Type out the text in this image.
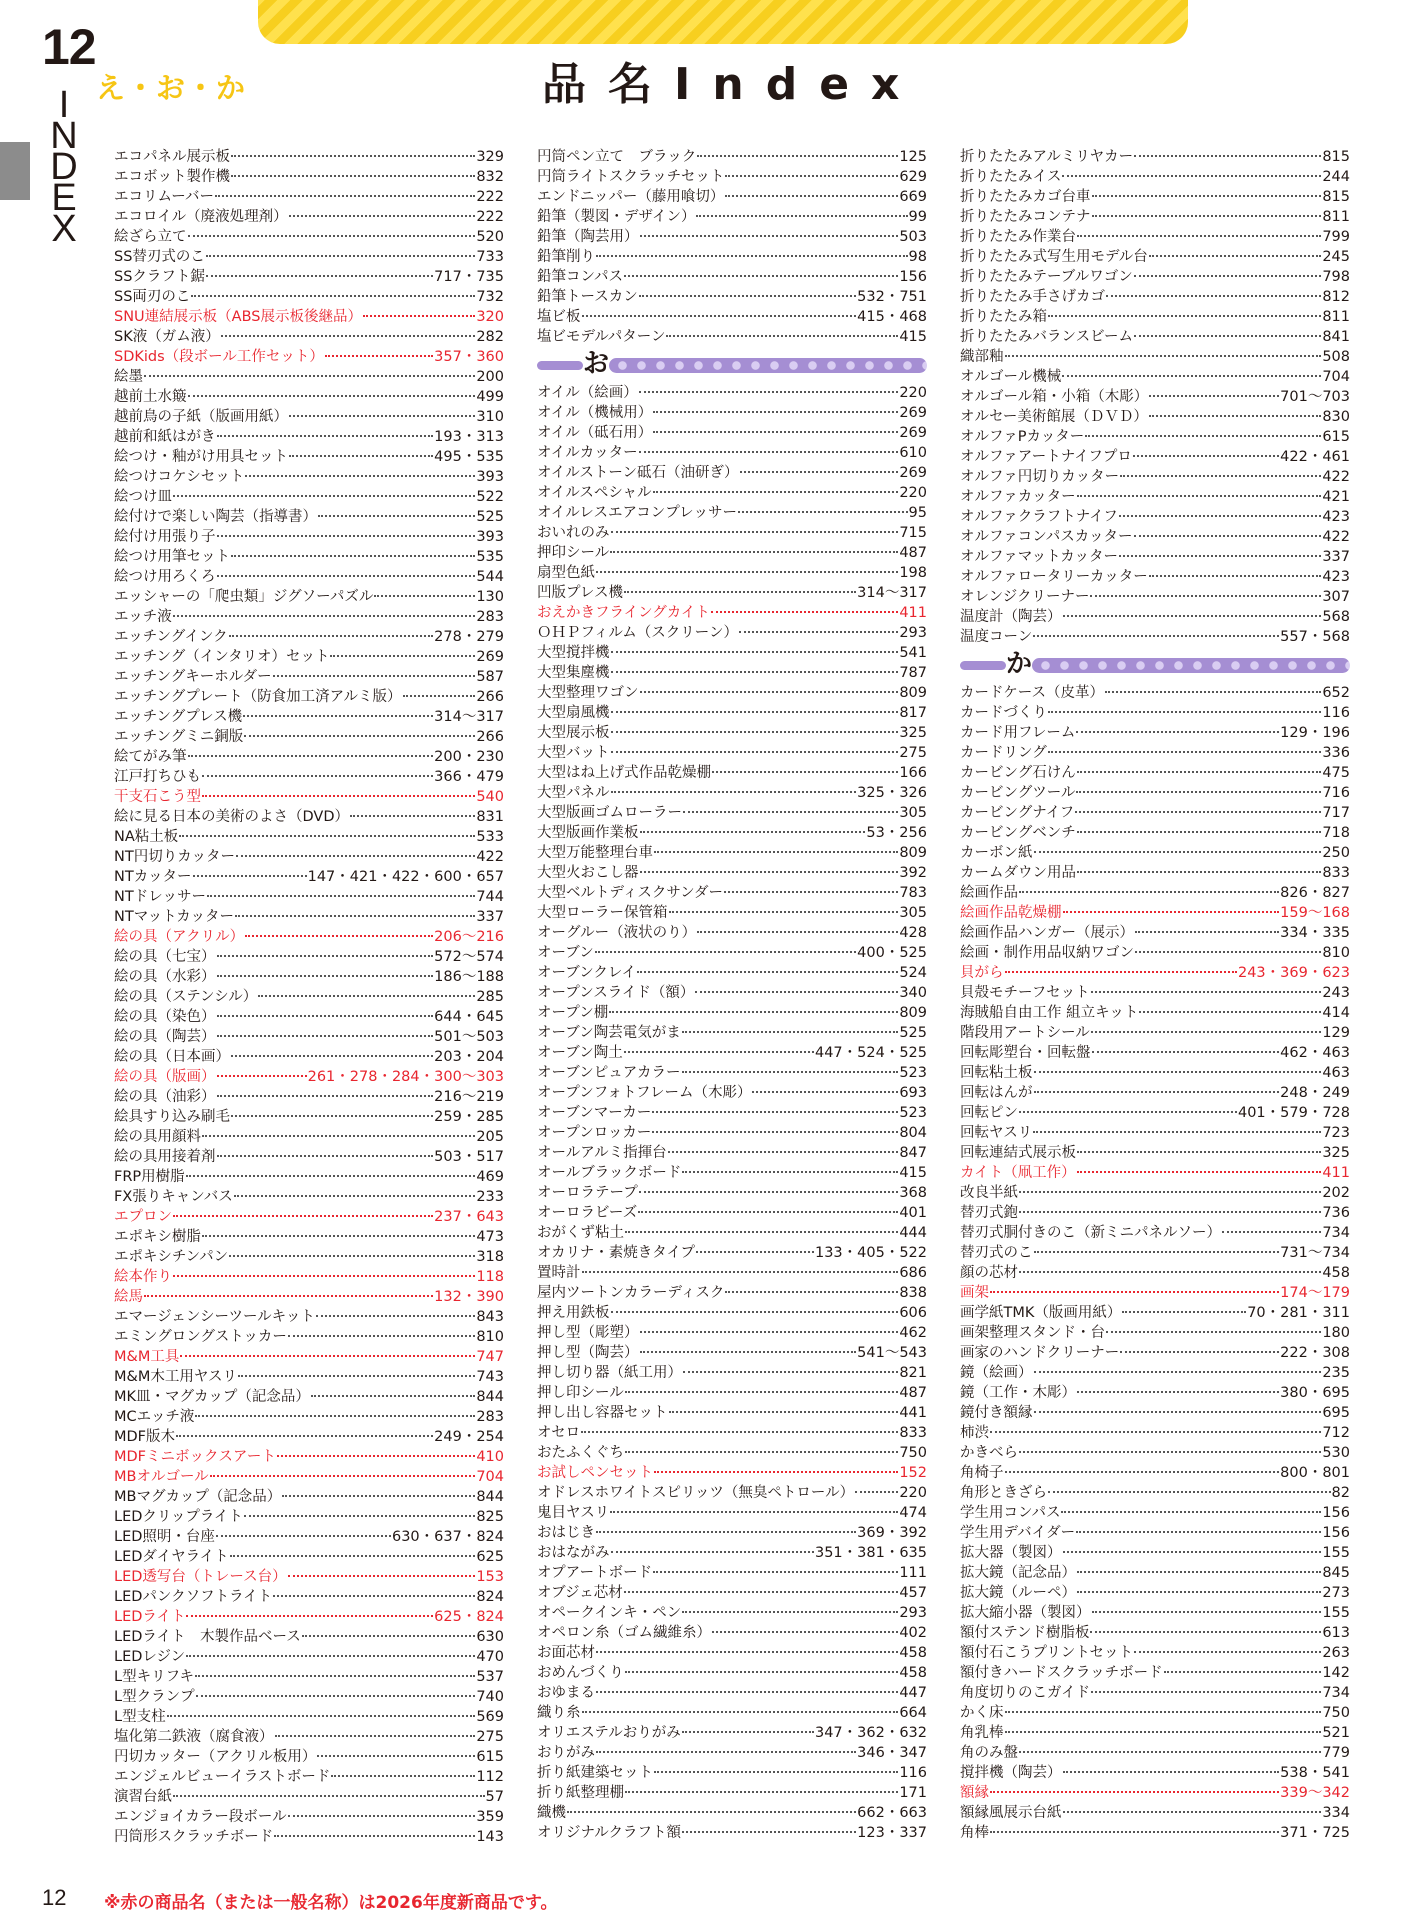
12
え・お・か
I
N
D
E
X
品名Index
エコパネル展示板	329
エコボット製作機	832
エコリムーバー	222
エコロイル（廃液処理剤）	222
絵ざら立て	520
SS替刃式のこ	733
SSクラフト鋸	717・735
SS両刃のこ	732
SNU連結展示板（ABS展示板後継品）	320
SK液（ガム液）	282
SDKids（段ボール工作セット）	357・360
絵墨	200
越前土水簸	499
越前鳥の子紙（版画用紙）	310
越前和紙はがき	193・313
絵つけ・釉がけ用具セット	495・535
絵つけコケシセット	393
絵つけ皿	522
絵付けで楽しい陶芸（指導書）	525
絵付け用張り子	393
絵つけ用筆セット	535
絵つけ用ろくろ	544
エッシャーの「爬虫類」ジグソーパズル	130
エッチ液	283
エッチングインク	278・279
エッチング（インタリオ）セット	269
エッチングキーホルダー	587
エッチングプレート（防食加工済アルミ版）	266
エッチングプレス機	314〜317
エッチングミニ銅版	266
絵てがみ筆	200・230
江戸打ちひも	366・479
干支石こう型	540
絵に見る日本の美術のよさ（DVD）	831
NA粘土板	533
NT円切りカッター	422
NTカッター	147・421・422・600・657
NTドレッサー	744
NTマットカッター	337
絵の具（アクリル）	206〜216
絵の具（七宝）	572〜574
絵の具（水彩）	186〜188
絵の具（ステンシル）	285
絵の具（染色）	644・645
絵の具（陶芸）	501〜503
絵の具（日本画）	203・204
絵の具（版画）	261・278・284・300〜303
絵の具（油彩）	216〜219
絵具すり込み刷毛	259・285
絵の具用顔料	205
絵の具用接着剤	503・517
FRP用樹脂	469
FX張りキャンバス	233
エプロン	237・643
エポキシ樹脂	473
エポキシチンパン	318
絵本作り	118
絵馬	132・390
エマージェンシーツールキット	843
エミングロングストッカー	810
M&M工具	747
M&M木工用ヤスリ	743
MK皿・マグカップ（記念品）	844
MCエッチ液	283
MDF版木	249・254
MDFミニボックスアート	410
MBオルゴール	704
MBマグカップ（記念品）	844
LEDクリップライト	825
LED照明・台座	630・637・824
LEDダイヤライト	625
LED透写台（トレース台）	153
LEDパンクソフトライト	824
LEDライト	625・824
LEDライト　木製作品ベース	630
LEDレジン	470
L型キリフキ	537
L型クランプ	740
L型支柱	569
塩化第二鉄液（腐食液）	275
円切カッター（アクリル板用）	615
エンジェルビューイラストボード	112
演習台紙	57
エンジョイカラー段ボール	359
円筒形スクラッチボード	143
円筒ペン立て　ブラック	125
円筒ライトスクラッチセット	629
エンドニッパー（藤用喰切）	669
鉛筆（製図・デザイン）	99
鉛筆（陶芸用）	503
鉛筆削り	98
鉛筆コンパス	156
鉛筆トースカン	532・751
塩ビ板	415・468
塩ビモデルパターン	415
お
オイル（絵画）	220
オイル（機械用）	269
オイル（砥石用）	269
オイルカッター	610
オイルストーン砥石（油研ぎ）	269
オイルスペシャル	220
オイルレスエアコンプレッサー	95
おいれのみ	715
押印シール	487
扇型色紙	198
凹版プレス機	314〜317
おえかきフライングカイト	411
ＯＨＰフィルム（スクリーン）	293
大型撹拌機	541
大型集塵機	787
大型整理ワゴン	809
大型扇風機	817
大型展示板	325
大型バット	275
大型はね上げ式作品乾燥棚	166
大型パネル	325・326
大型版画ゴムローラー	305
大型版画作業板	53・256
大型万能整理台車	809
大型火おこし器	392
大型ベルトディスクサンダー	783
大型ローラー保管箱	305
オーグルー（液状のり）	428
オーブン	400・525
オーブンクレイ	524
オープンスライド（額）	340
オープン棚	809
オーブン陶芸電気がま	525
オーブン陶土	447・524・525
オーブンピュアカラー	523
オープンフォトフレーム（木彫）	693
オーブンマーカー	523
オープンロッカー	804
オールアルミ指揮台	847
オールブラックボード	415
オーロラテープ	368
オーロラビーズ	401
おがくず粘土	444
オカリナ・素焼きタイプ	133・405・522
置時計	686
屋内ツートンカラーディスク	838
押え用鉄板	606
押し型（彫塑）	462
押し型（陶芸）	541〜543
押し切り器（紙工用）	821
押し印シール	487
押し出し容器セット	441
オセロ	833
おたふくぐち	750
お試しペンセット	152
オドレスホワイトスピリッツ（無臭ペトロール）	220
鬼目ヤスリ	474
おはじき	369・392
おはながみ	351・381・635
オプアートボード	111
オブジェ芯材	457
オペークインキ・ペン	293
オペロン糸（ゴム繊維糸）	402
お面芯材	458
おめんづくり	458
おゆまる	447
織り糸	664
オリエステルおりがみ	347・362・632
おりがみ	346・347
折り紙建築セット	116
折り紙整理棚	171
織機	662・663
オリジナルクラフト額	123・337
折りたたみアルミリヤカー	815
折りたたみイス	244
折りたたみカゴ台車	815
折りたたみコンテナ	811
折りたたみ作業台	799
折りたたみ式写生用モデル台	245
折りたたみテーブルワゴン	798
折りたたみ手さげカゴ	812
折りたたみ箱	811
折りたたみバランスビーム	841
織部釉	508
オルゴール機械	704
オルゴール箱・小箱（木彫）	701〜703
オルセー美術館展（ＤＶＤ）	830
オルファPカッター	615
オルファアートナイフプロ	422・461
オルファ円切りカッター	422
オルファカッター	421
オルファクラフトナイフ	423
オルファコンパスカッター	422
オルファマットカッター	337
オルファロータリーカッター	423
オレンジクリーナー	307
温度計（陶芸）	568
温度コーン	557・568
か
カードケース（皮革）	652
カードづくり	116
カード用フレーム	129・196
カードリング	336
カービング石けん	475
カービングツール	716
カービングナイフ	717
カービングベンチ	718
カーボン紙	250
カームダウン用品	833
絵画作品	826・827
絵画作品乾燥棚	159〜168
絵画作品ハンガー（展示）	334・335
絵画・制作用品収納ワゴン	810
貝がら	243・369・623
貝殻モチーフセット	243
海賊船自由工作 組立キット	414
階段用アートシール	129
回転彫塑台・回転盤	462・463
回転粘土板	463
回転はんが	248・249
回転ピン	401・579・728
回転ヤスリ	723
回転連結式展示板	325
カイト（凧工作）	411
改良半紙	202
替刃式鉋	736
替刃式胴付きのこ（新ミニパネルソー）	734
替刃式のこ	731〜734
顔の芯材	458
画架	174〜179
画学紙TMK（版画用紙）	70・281・311
画架整理スタンド・台	180
画家のハンドクリーナー	222・308
鏡（絵画）	235
鏡（工作・木彫）	380・695
鏡付き額縁	695
柿渋	712
かきべら	530
角椅子	800・801
角形ときざら	82
学生用コンパス	156
学生用デバイダー	156
拡大器（製図）	155
拡大鏡（記念品）	845
拡大鏡（ルーペ）	273
拡大縮小器（製図）	155
額付ステンド樹脂板	613
額付石こうプリントセット	263
額付きハードスクラッチボード	142
角度切りのこガイド	734
かく床	750
角乳棒	521
角のみ盤	779
撹拌機（陶芸）	538・541
額縁	339〜342
額縁風展示台紙	334
角棒	371・725
12 ※赤の商品名（または一般名称）は2026年度新商品です。
